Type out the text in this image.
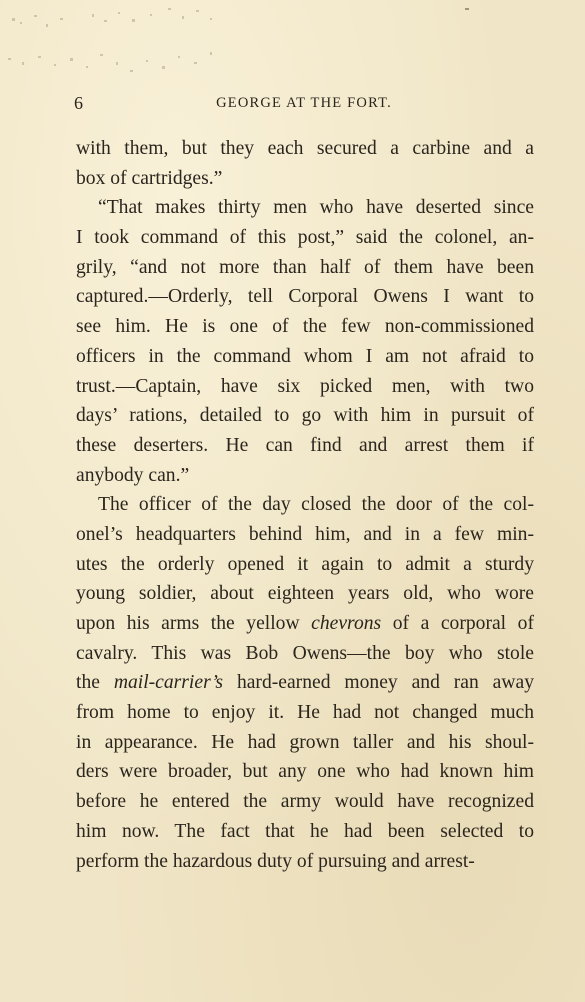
6	GEORGE AT THE FORT.
with them, but they each secured a carbine and a
box of cartridges.”
“That makes thirty men who have deserted since
I took command of this post,” said the colonel, an-
grily, “and not more than half of them have been
captured.—Orderly, tell Corporal Owens I want to
see him. He is one of the few non-commissioned
officers in the command whom I am not afraid to
trust.—Captain, have six picked men, with two
days’ rations, detailed to go with him in pursuit of
these deserters. He can find and arrest them if
anybody can.”
The officer of the day closed the door of the col-
onel’s headquarters behind him, and in a few min-
utes the orderly opened it again to admit a sturdy
young soldier, about eighteen years old, who wore
upon his arms the yellow chevrons of a corporal of
cavalry. This was Bob Owens—the boy who stole
the mail-carrier’s hard-earned money and ran away
from home to enjoy it. He had not changed much
in appearance. He had grown taller and his shoul-
ders were broader, but any one who had known him
before he entered the army would have recognized
him now. The fact that he had been selected to
perform the hazardous duty of pursuing and arrest-
